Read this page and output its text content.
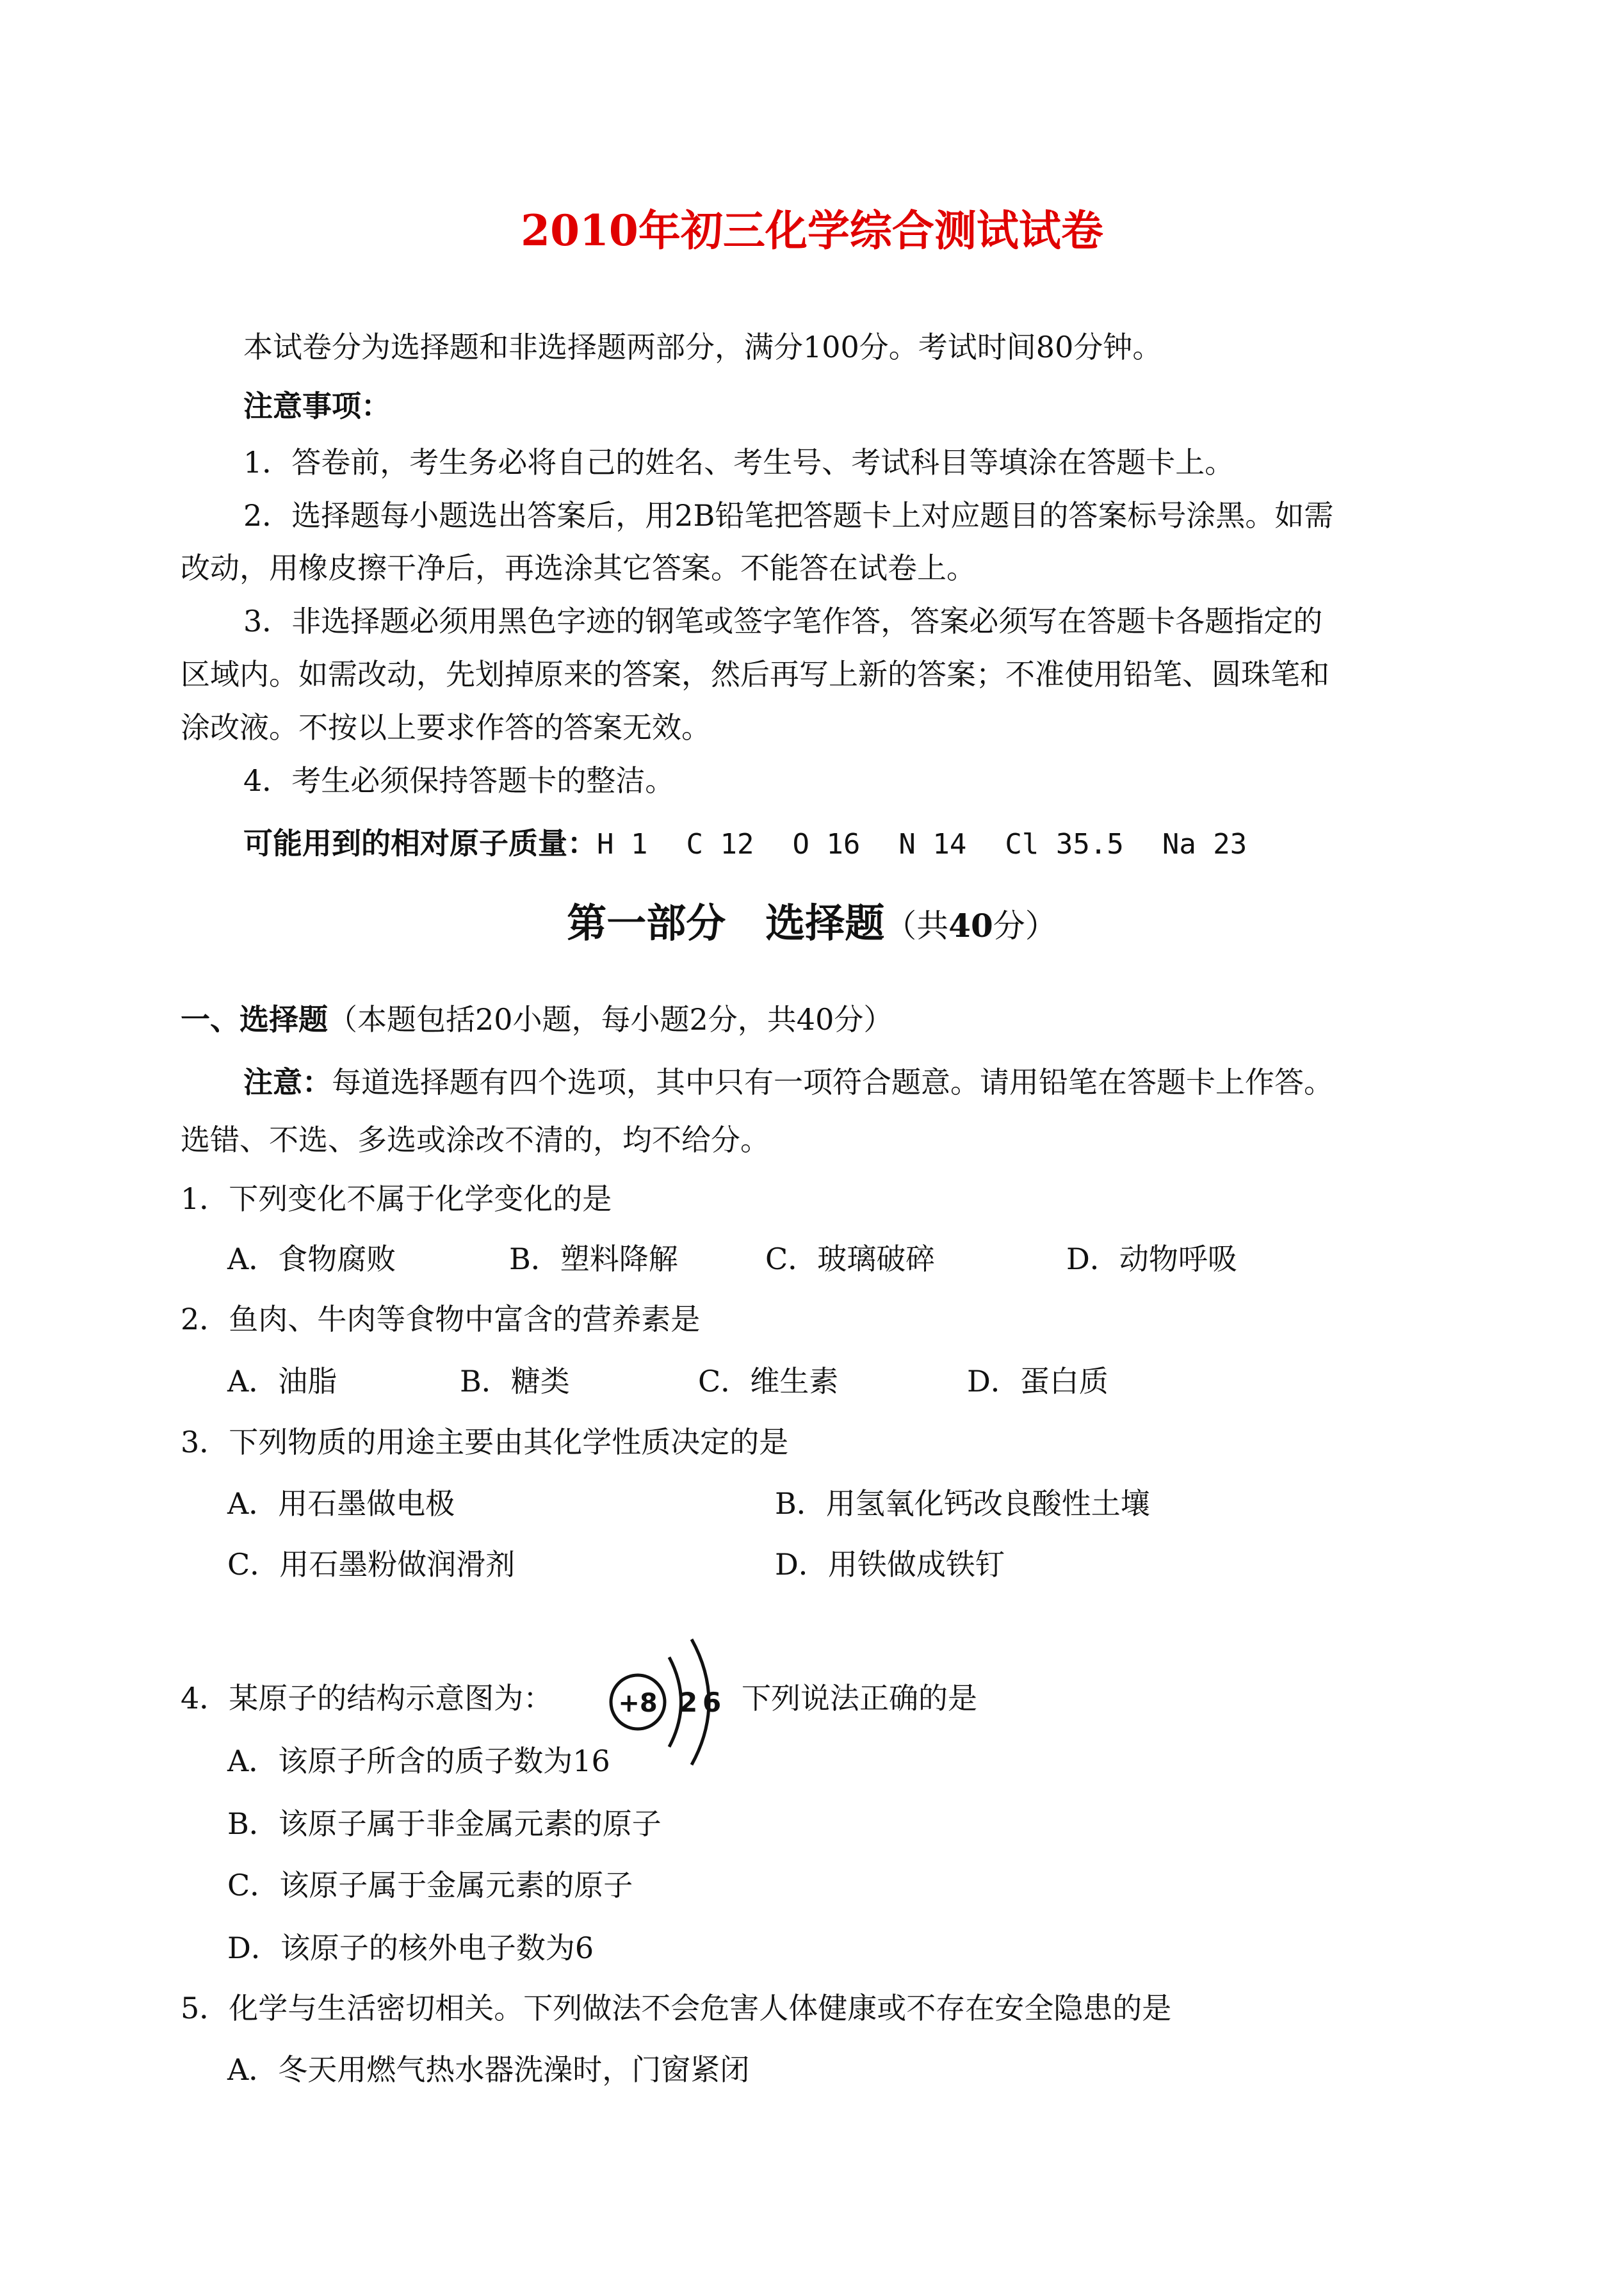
2010年初三化学综合测试试卷
本试卷分为选择题和非选择题两部分，满分100分。考试时间80分钟。
注意事项：
1．答卷前，考生务必将自己的姓名、考生号、考试科目等填涂在答题卡上。
2．选择题每小题选出答案后，用2B铅笔把答题卡上对应题目的答案标号涂黑。如需
改动，用橡皮擦干净后，再选涂其它答案。不能答在试卷上。
3．非选择题必须用黑色字迹的钢笔或签字笔作答，答案必须写在答题卡各题指定的
区域内。如需改动，先划掉原来的答案，然后再写上新的答案；不准使用铅笔、圆珠笔和
涂改液。不按以上要求作答的答案无效。
4．考生必须保持答题卡的整洁。
可能用到的相对原子质量：H 1 C 12 O 16 N 14 Cl 35.5 Na 23
第一部分　选择题（共40分）
一、选择题（本题包括20小题，每小题2分，共40分）
注意：每道选择题有四个选项，其中只有一项符合题意。请用铅笔在答题卡上作答。
选错、不选、多选或涂改不清的，均不给分。
1．下列变化不属于化学变化的是
A．食物腐败	B．塑料降解	C．玻璃破碎	D．动物呼吸
2．鱼肉、牛肉等食物中富含的营养素是
A．油脂	B．糖类	C．维生素	D．蛋白质
3．下列物质的用途主要由其化学性质决定的是
A．用石墨做电极	B．用氢氧化钙改良酸性土壤
C．用石墨粉做润滑剂	D．用铁做成铁钉
4．某原子的结构示意图为：	+8 2 6 下列说法正确的是
A．该原子所含的质子数为16
B．该原子属于非金属元素的原子
C．该原子属于金属元素的原子
D．该原子的核外电子数为6
5．化学与生活密切相关。下列做法不会危害人体健康或不存在安全隐患的是
A．冬天用燃气热水器洗澡时，门窗紧闭
